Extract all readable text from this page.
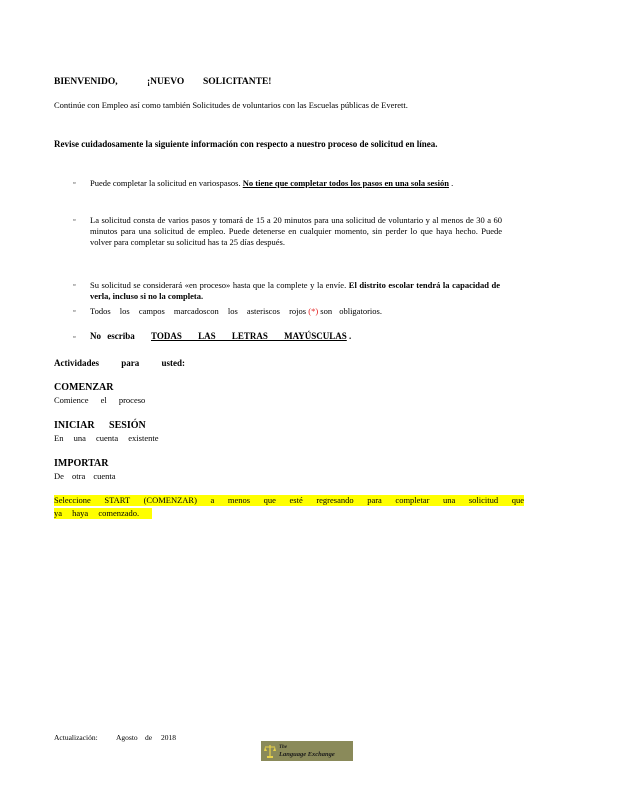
BIENVENIDO,	¡NUEVO SOLICITANTE!
Continúe con Empleo así como también Solicitudes de voluntarios con las Escuelas públicas de Everett.
Revise cuidadosamente la siguiente información con respecto a nuestro proceso de solicitud en línea.
▫ Puede completar la solicitud en variospasos. No tiene que completar todos los pasos en una sola sesión .
▫ La solicitud consta de varios pasos y tomará de 15 a 20 minutos para una solicitud de voluntario y al menos de 30 a 60 minutos para una solicitud de empleo. Puede detenerse en cualquier momento, sin perder lo que haya hecho. Puede volver para completar su solicitud has ta 25 días después.
▫ Su solicitud se considerará «en proceso» hasta que la complete y la envíe. El distrito escolar tendrá la capacidad de verla, incluso si no la completa.
▫ Todos los campos marcadoscon los asteriscos rojos (*) son obligatorios.
▫ No escriba TODAS LAS LETRAS MAYÚSCULAS .
Actividades para usted:
COMENZAR
Comience el proceso
INICIAR SESIÓN
En una cuenta existente
IMPORTAR
De otra cuenta
Seleccione START (COMENZAR) a menos que esté regresando para completar una solicitud que
ya haya comenzado.
Actualización: Agosto de 2018
The
Language Exchange
